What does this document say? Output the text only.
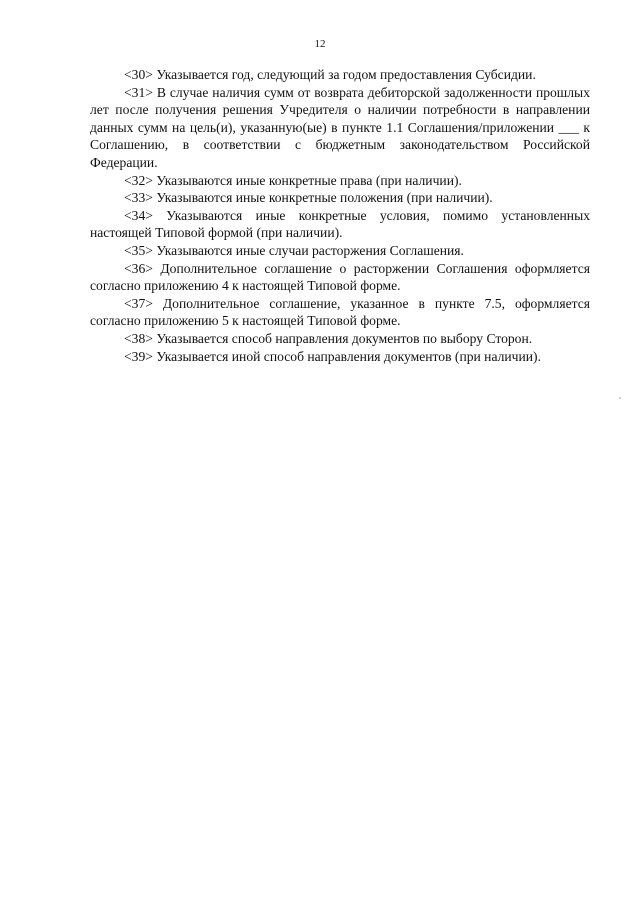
12

<30> Указывается год, следующий за годом предоставления Субсидии.

<31> В случае наличия сумм от возврата дебиторской задолженности прошлых лет после получения решения Учредителя о наличии потребности в направлении данных сумм на цель(и), указанную(ые) в пункте 1.1 Соглашения/приложении ___ к Соглашению, в соответствии с бюджетным законодательством Российской Федерации.

<32> Указываются иные конкретные права (при наличии).

<33> Указываются иные конкретные положения (при наличии).

<34> Указываются иные конкретные условия, помимо установленных настоящей Типовой формой (при наличии).

<35> Указываются иные случаи расторжения Соглашения.

<36> Дополнительное соглашение о расторжении Соглашения оформляется согласно приложению 4 к настоящей Типовой форме.

<37> Дополнительное соглашение, указанное в пункте 7.5, оформляется согласно приложению 5 к настоящей Типовой форме.

<38> Указывается способ направления документов по выбору Сторон.

<39> Указывается иной способ направления документов (при наличии).
